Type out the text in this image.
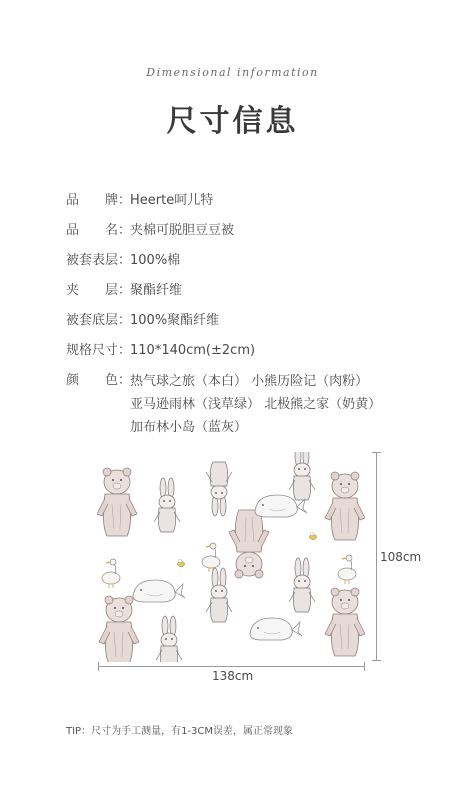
Dimensional information
尺寸信息
品　　牌：
Heerte呵儿特
品　　名：
夹棉可脱胆豆豆被
被套表层：
100%棉
夹　　层：
聚酯纤维
被套底层：
100%聚酯纤维
规格尺寸：
110*140cm(±2cm)
颜　　色：
热气球之旅（本白） 小熊历险记（肉粉）
亚马逊雨林（浅草绿） 北极熊之家（奶黄）
加布林小岛（蓝灰）
108cm
138cm
TIP：尺寸为手工测量，有1-3CM误差，属正常现象
